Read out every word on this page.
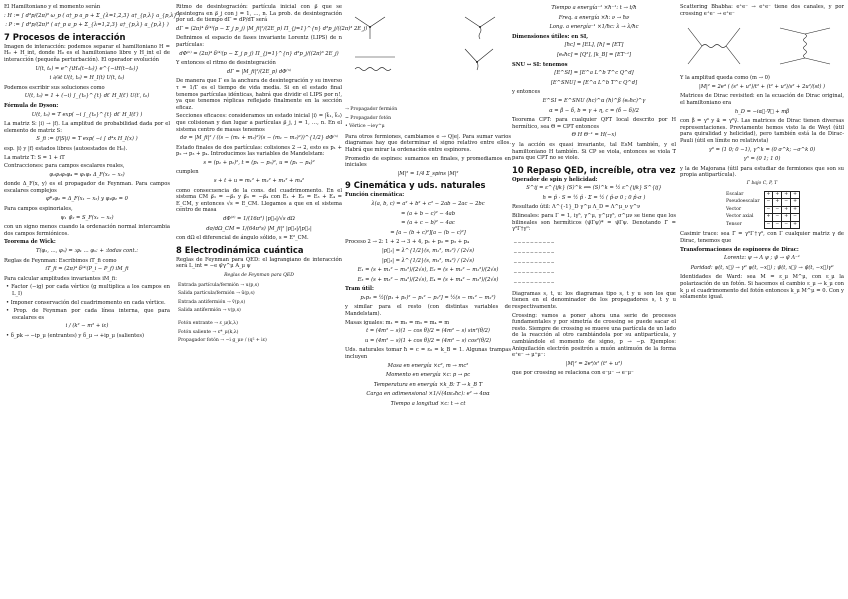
El Hamiltoniano y el momento serán
: H := ∫ d³p/(2π)³ ω_p ( a†_p a_p + Σ_{λ=1,2,3} a†_{p,λ} a_{p,λ} )
: P := ∫ d³p/(2π)³ ( a†_p a_p + Σ_{λ=1,2,3} a†_{p,λ} a_{p,λ} )
7 Procesos de interacción
Imagen de interacción: podemos separar el hamiltoniano H = H₀ + H_int, donde H₀ es el hamiltoniano libre y H_int el de interacción (pequeña perturbación). El operador evolución
U(t, t₀) = e^{iH₀(t−t₀)} e^{−iH(t−t₀)}
i ∂/∂t U(t, t₀) = H_I(t) U(t, t₀)
Podemos escribir sus soluciones como
U(t, t₀) = 1 + (−i) ∫_{t₀}^{t} dt′ H_I(t′) U(t′, t₀)
Fórmula de Dyson:
U(t, t₀) = T exp( −i ∫_{t₀}^{t} dt′ H_I(t′) )
La matriz S: |i⟩ → |f⟩. La amplitud de probabilidad dada por el elemento de matriz S:
S_fi := ⟨f|S|i⟩ = T exp( −i ∫ d⁴x H_I(x) )
esp. |i⟩ y |f⟩ estados libres (autoestados de H₀).
La matriz T: S = 1 + iT
Contracciones: para campos escalares reales,
φ₁φ₂φ₃φ₄ = φ₁φ₃ Δ_F(x₁ − x₃)
donde Δ_F(x, y) es el propagador de Feynman. Para campos escalares complejos
φ*₁φ₂ = Δ_F(x₁ − x₂) y φ₁φ₂ = 0
Para campos espinoriales,
ψ₁ ψ̄₂ = S_F(x₁ − x₂)
con un signo menos cuando la ordenación normal intercambia dos campos fermiónicos.
Teorema de Wick:
T(φ₁, …, φₙ) = :φ₁ … φₙ: + :todas cont.:
Reglas de Feynman: Escribimos iT_fi como
iT_fi = (2π)⁴ δ⁽⁴⁾(P_i − P_f) iM_fi
Para calcular amplitudes invariantes iM_fi:
• Factor (−ig) por cada vértice (g multiplica a los campos en L_I)
• Imponer conservación del cuadrimomento en cada vértice.
• Prop. de Feynman por cada línea interna, que para escalares es
i / (k² − m² + iε)
• δ_pk → −ip_μ (entrantes) y δ_μ → +ip_μ (salientes)
Ritmo de desintegración: partícula inicial con p⃗ que se desintegra en p⃗_j con j = 1, …, n. La prob. de desintegración por ud. de tiempo dΓ = dP/dT será
dΓ = (2π)⁴ δ⁽⁴⁾(p − Σ_j p_j) |M_fi|²/(2E_p) Π_{j=1}^{n} d³p_j/((2π)³ 2E_j)
Definimos el espacio de fases invariante Lorentz (LIPS) de n partículas:
dΦ⁽ⁿ⁾ = (2π)⁴ δ⁽⁴⁾(p − Σ_j p_j) Π_{j=1}^{n} d³p_j/((2π)³ 2E_j)
Y entonces el ritmo de desintegración
dΓ = |M_fi|²/(2E_p) dΦ⁽ⁿ⁾
De manera que Γ es la anchura de desintegración y su inverso τ = 1/Γ es el tiempo de vida media. Si en el estado final tenemos partículas idénticas, habrá que dividir el LIPS por n!, ya que tenemos réplicas reflejado finalmente en la sección eficaz.
Secciones eficaces: consideramos un estado inicial |i⟩ = |k⃗₁, k⃗₂⟩ que colisionan y dan lugar a partículas p⃗_j, j = 1, …, n. En el sistema centro de masas tenemos
dσ = |M_fi|² / ((s − (m₁ + m₂)²)(s − (m₁ − m₂)²))^{1/2} dΦ⁽ⁿ⁾
Estado finales de dos partículas: colisiones 2 → 2, esto es p₁ + p₂ → p₃ + p₄. Introducimos las variables de Mandelstam:
s = (p₁ + p₂)², t = (p₁ − p₃)², u = (p₁ − p₄)²
cumplen
s + t + u = m₁² + m₂² + m₃² + m₄²
como consecuencia de la cons. del cuadrimomento. En el sistema CM p⃗₁ = −p⃗₂ y p⃗₃ = −p⃗₄ con E₁ + E₂ = E₃ + E₄ = E_CM, y entonces √s = E_CM. Llegamos a que en el sistema centro de masa
dΦ⁽²⁾ = 1/(16π²) |p⃗₃|/√s dΩ
dσ/dΩ_CM = 1/(64π²s) |M_fi|² |p⃗₃|/|p⃗₁|
con dΩ el diferencial de ángulo sólido, s = E²_CM.
8 Electrodinámica cuántica
Reglas de Feynman para QED: el lagrangiano de interacción será L_int = −e ψ̄γ^μ A_μ ψ
Reglas de Feynman para QED
Entrada partícula/fermión → u(p,s)
Salida partícula/fermión → ū(p,s)
Entrada antifermión → v̄(p,s)
Salida antifermión → v(p,s)
Fotón entrante → ε_μ(k,λ)
Fotón saliente → ε*_μ(k,λ)
Propagador fotón → −i g_μν / (q² + iε)
→ Propagador fermión
~ Propagador fotón
• Vértice −ieγ^μ
Para otros fermiones, cambiamos e → Q|e|. Para sumar varios diagramas hay que determinar el signo relativo entre ellos. Habrá que mirar la ordenación entre espinores.
Promedio de espines: sumamos en finales, y promediamos en iniciales
|M|² = 1/4 Σ_spins |M|²
9 Cinemática y uds. naturales
Función cinemática:
λ(a, b, c) = a² + b² + c² − 2ab − 2ac − 2bc
= (a + b − c)² − 4ab
= (a + c − b)² − 4ac
= [a − (b + c)²][a − (b − c)²]
Proceso 2 → 2: 1 + 2 → 3 + 4, p₁ + p₂ = p₃ + p₄
|p⃗₁| = λ^{1/2}(s, m₁², m₂²) / (2√s)
|p⃗₃| = λ^{1/2}(s, m₃², m₄²) / (2√s)
E₁ = (s + m₁² − m₂²)/(2√s), E₂ = (s + m₂² − m₁²)/(2√s)
E₃ = (s + m₃² − m₄²)/(2√s), E₄ = (s + m₄² − m₃²)/(2√s)
Tram útil:
p₁p₂ = ½[(p₁ + p₂)² − p₁² − p₂²] = ½(s − m₁² − m₂²)
y similar para el resto (con distintas variables de Mandelstam).
Masas iguales: m₁ = m₂ = m₃ = m₄ = m
t = (4m² − s)(1 − cos θ)/2 = (4m² − s) sin²(θ/2)
u = (4m² − s)(1 + cos θ)/2 = (4m² − s) cos²(θ/2)
Uds. naturales tomar ħ = c = ε₀ = k_B = 1. Algunas trampas incluyen
Masa en energía ×c², m → mc²
Momento en energía ×c: p → pc
Temperatura en energía ×k_B: T → k_B T
Carga en adimensional ×1/√(4πε₀ħc): e² → 4πα
Tiempo a longitud ×c: t → ct
Tiempo a energía⁻¹ ×ħ⁻¹: t → t/ħ
Freq. a energía ×ħ: ν → ħν
Long. a energía⁻¹ ×1/ħc: λ → λ/ħc
Dimensiones útiles: en SI,
[ħc] = [EL], [ħ] = [ET]
[e₀ħc] = [Q²], [k_B] = [ET⁻¹]
SNU ↔ SI: tenemos
[E^SI] = [E^a L^b T^c Q^d]
[E^SNU] = [E^a L^b T^c Q^d]
y entonces
E^SI = E^SNU (ħc)^α (ħ)^β (e₀ħc)^γ
α = β − δ, b = γ + η, c = (δ − δ)/2
Teorema CPT: para cualquier QFT local descrito por H hermítico, sea Θ = CPT entonces
Θ H Θ⁻¹ = H(−x)
y la acción es quasi invariante, tal EsM también, y el hamiltoniano H también. Si CP se viola, entonces se viola T para que CPT no se viole.
10 Repaso QED, increíble, otra vez
Operador de spin y helicidad:
S^ij = ε^{ijk} (S)^k ⟺ (S)^k = ½ ε^{ijk} S^{ij}
h = p̂ · S = ½ p̂ · Σ = ½ ( p̂·σ 0 ; 0 p̂·σ )
Resultado útil: Λ^{-1}_D γ^μ Λ_D = Λ^μ_ν γ^ν
Bilineales: para Γ = 1, iγ⁵, γ^μ, γ^μγ⁵, σ^μν se tiene que los bilineales son hermíticos (ψ̄Γψ)* = ψ̄Γψ. Denotando Γ̄ = γ⁰Γ†γ⁰:
─ ─ ─ ─ ─ ─ ─ ─ ─ ─
─ ─ ─ ─ ─ ─ ─ ─ ─ ─
─ ─ ─ ─ ─ ─ ─ ─ ─ ─
─ ─ ─ ─ ─ ─ ─ ─ ─ ─
─ ─ ─ ─ ─ ─ ─ ─ ─ ─
Diagramas s, t, u: los diagramas tipo s, t y u son los que tienen en el denominador de los propagadores s, t y u respectivamente.
Crossing: vamos a poner ahora una serie de procesos fundamentales y por simetría de crossing se puede sacar el resto. Siempre de crossing se mueve una partícula de un lado de la reacción al otro cambiándola por su antipartícula, y cambiándole el momento de signo, p → −p. Ejemplos: Aniquilación electrón positrón a muón antimuón de la forma e⁺e⁻ → μ⁺μ⁻:
|M|² = 2e⁴/s² (t² + u²)
que por crossing se relaciona con e⁻μ⁻ → e⁻μ⁻
Scattering Bhabha: e⁺e⁻ → e⁺e⁻ tiene dos canales, y por crossing e⁺e⁻ → e⁺e⁻
Y la amplitud queda como (m → 0)
|M|² = 2e⁴ ( (s² + u²)/t² + (t² + u²)/s² + 2u²/(st) )
Matrices de Dirac revisited: en la ecuación de Dirac original, el hamiltoniano era
h_D = −iα⃗·∇⃗ + mβ
con β = γ⁰ y α⃗ = γ⁰γ⃗. Las matrices de Dirac tienen diversas representaciones. Previamente hemos visto la de Weyl (útil para quiralidad y helicidad), pero también está la de Dirac-Pauli (útil en límite no relativista)
γ⁰ = (1 0; 0 −1), γ^k = (0 σ^k; −σ^k 0)
γ⁵ = (0 1; 1 0)
y la de Majorana (útil para estudiar de fermiones que son su propia antipartícula).
Γ̄ bajo C, P, T
Escalar	+	+	+	+
Pseudoescalar	−	+	−	+
Vector	−	−	+	+
Vector axial	+	−	+	−
Tensor	−	−	−	+
Casimir trace: sea Γ̄ = γ⁰Γ†γ⁰, con Γ cualquier matriz γ de Dirac, tenemos que
Transformaciones de espinores de Dirac:
Lorentz: ψ → Λ ψ ; ψ̄ → ψ̄ Λ⁻¹
Paridad: ψ(t, x⃗) → γ⁰ ψ(t, −x⃗) ; ψ̄(t, x⃗) → ψ̄(t, −x⃗)γ⁰
Identidades de Ward: sea M = ε_μ M^μ, con ε_μ la polarización de un fotón. Si hacemos el cambio ε_μ → k_μ con k_μ el cuadrimomento del fotón entonces k_μ M^μ = 0. Con y solamente igual.
